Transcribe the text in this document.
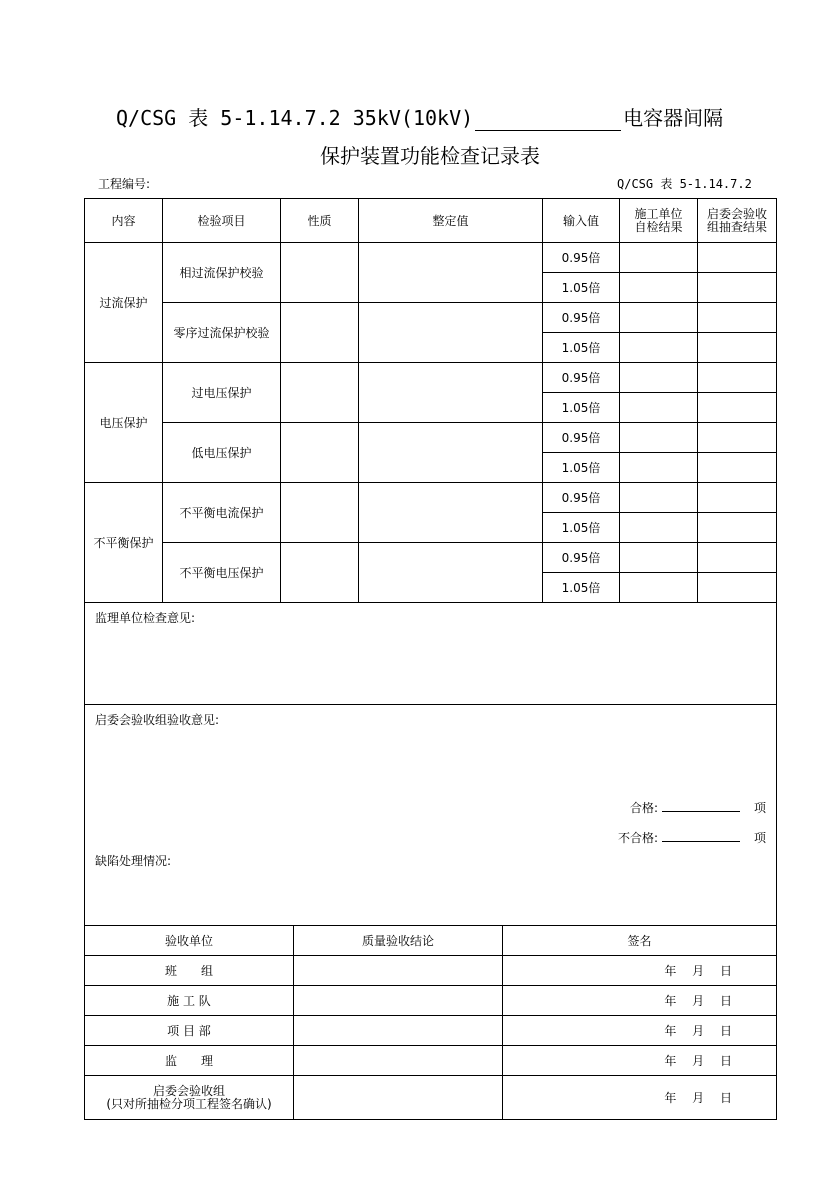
Q/CSG 表 5-1.14.7.2 35kV(10kV)	电容器间隔
保护装置功能检查记录表
工程编号:	Q/CSG 表 5-1.14.7.2
内容	检验项目	性质	整定值	输入值	施工单位自检结果	启委会验收组抽查结果

过流保护	相过流保护校验			0.95倍		
				1.05倍		
	零序过流保护校验			0.95倍		
				1.05倍		
电压保护	过电压保护			0.95倍		
				1.05倍		
	低电压保护			0.95倍		
				1.05倍		
不平衡保护	不平衡电流保护			0.95倍		
				1.05倍		
	不平衡电压保护			0.95倍		
				1.05倍		
监理单位检查意见:						
启委会验收组验收意见:
合格: 项
不合格: 项
缺陷处理情况:						
验收单位	质量验收结论	签名
班　　组		年 月 日
施 工 队		年 月 日
项 目 部		年 月 日
监　　理		年 月 日

启委会验收组
(只对所抽检分项工程签名确认)		年 月 日
